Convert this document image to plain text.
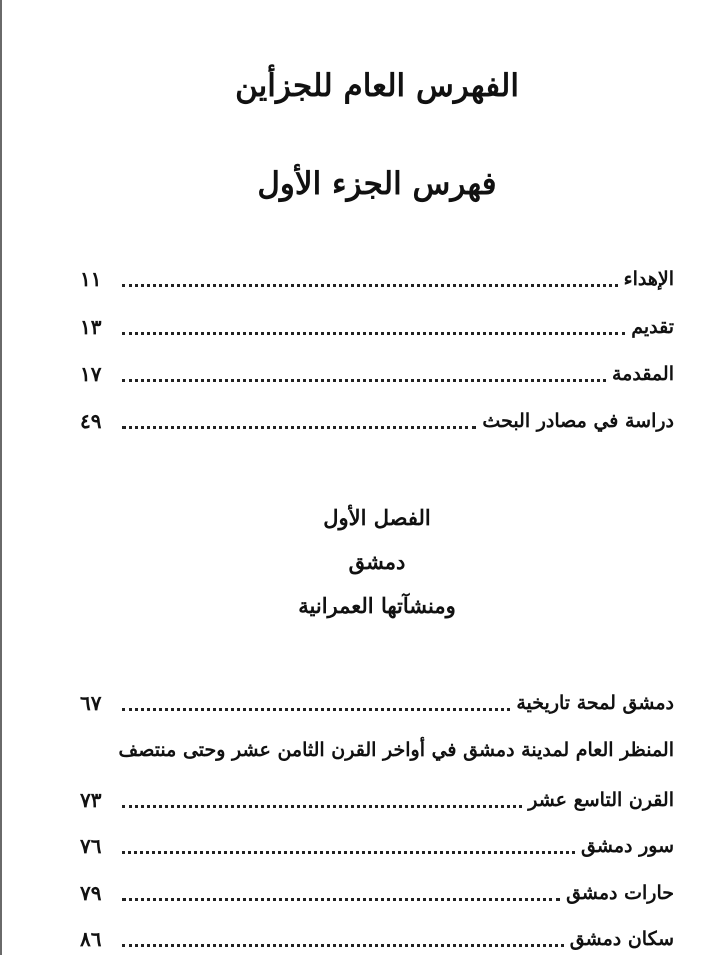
الفهرس العام للجزأين
فهرس الجزء الأول
الإهداء
١١
تقديم
١٣
المقدمة
١٧
دراسة في مصادر البحث
٤٩
الفصل الأول
دمشق
ومنشآتها العمرانية
دمشق لمحة تاريخية
٦٧
المنظر العام لمدينة دمشق في أواخر القرن الثامن عشر وحتى منتصف
القرن التاسع عشر
٧٣
سور دمشق
٧٦
حارات دمشق
٧٩
سكان دمشق
٨٦
